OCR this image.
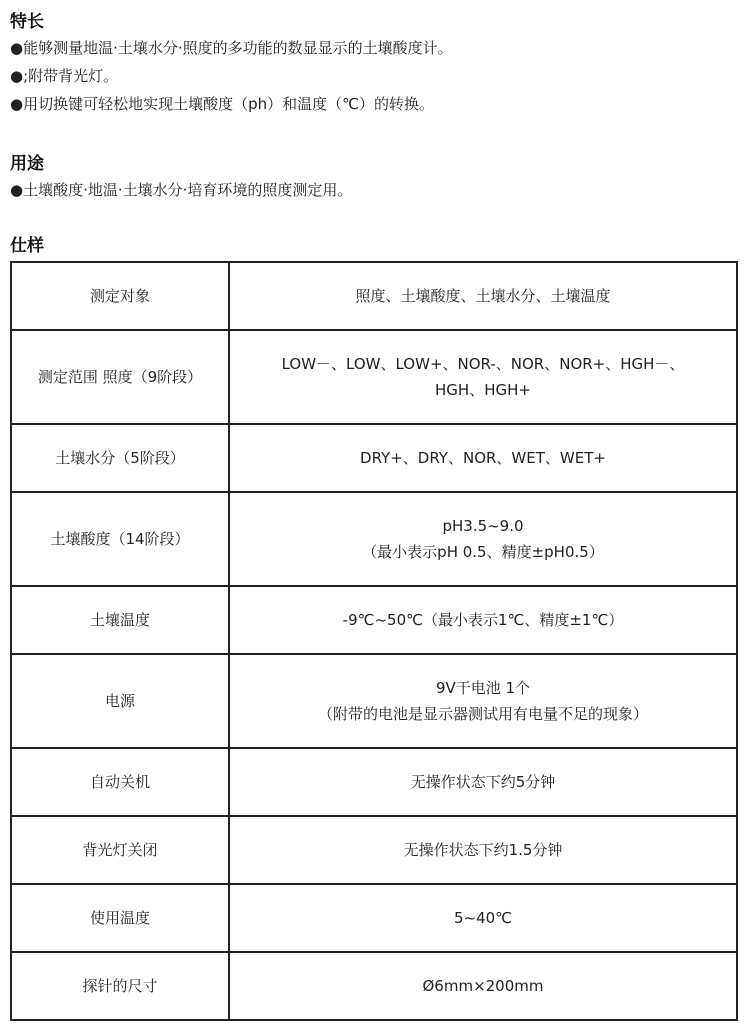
特长

●能够测量地温·土壤水分·照度的多功能的数显显示的土壤酸度计。

●;附带背光灯。

●用切换键可轻松地实现土壤酸度（ph）和温度（℃）的转换。

用途

●土壤酸度·地温·土壤水分·培育环境的照度测定用。

仕样

测定对象	照度、土壤酸度、土壤水分、土壤温度

测定范围 照度（9阶段）	LOW－、LOW、LOW+、NOR-、NOR、NOR+、HGH－、
HGH、HGH+

土壤水分（5阶段）	DRY+、DRY、NOR、WET、WET+

土壤酸度（14阶段）	pH3.5~9.0
（最小表示pH 0.5、精度±pH0.5）

土壤温度	-9℃~50℃（最小表示1℃、精度±1℃）

电源	9V干电池 1个
（附带的电池是显示器测试用有电量不足的现象）

自动关机	无操作状态下约5分钟

背光灯关闭	无操作状态下约1.5分钟

使用温度	5~40℃

探针的尺寸	Ø6mm×200mm
